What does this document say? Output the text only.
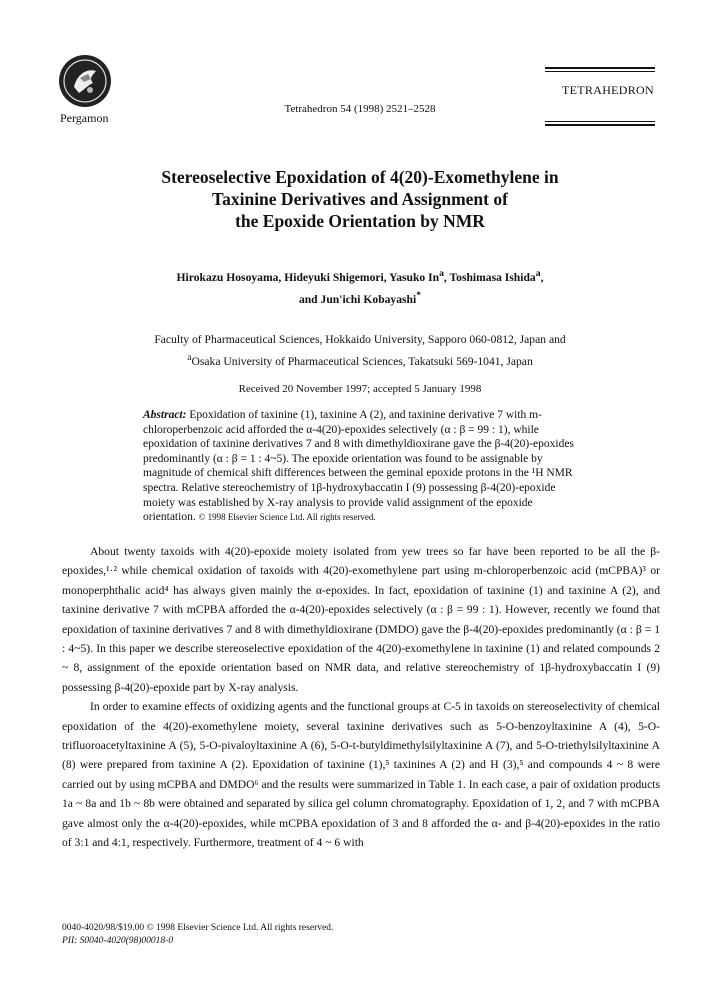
Pergamon
Tetrahedron 54 (1998) 2521–2528
TETRAHEDRON
Stereoselective Epoxidation of 4(20)-Exomethylene in
Taxinine Derivatives and Assignment of
the Epoxide Orientation by NMR
Hirokazu Hosoyama, Hideyuki Shigemori, Yasuko In$^a$, Toshimasa Ishida$^a$,
and Jun'ichi Kobayashi*
Faculty of Pharmaceutical Sciences, Hokkaido University, Sapporo 060-0812, Japan and
$^a$Osaka University of Pharmaceutical Sciences, Takatsuki 569-1041, Japan
Received 20 November 1997; accepted 5 January 1998
Abstract: Epoxidation of taxinine (1), taxinine A (2), and taxinine derivative 7 with m-chloroperbenzoic acid afforded the α-4(20)-epoxides selectively (α : β = 99 : 1), while epoxidation of taxinine derivatives 7 and 8 with dimethyldioxirane gave the β-4(20)-epoxides predominantly (α : β = 1 : 4~5). The epoxide orientation was found to be assignable by magnitude of chemical shift differences between the geminal epoxide protons in the ¹H NMR spectra. Relative stereochemistry of 1β-hydroxybaccatin I (9) possessing β-4(20)-epoxide moiety was established by X-ray analysis to provide valid assignment of the epoxide orientation. © 1998 Elsevier Science Ltd. All rights reserved.

About twenty taxoids with 4(20)-epoxide moiety isolated from yew trees so far have been reported to be all the β-epoxides,¹·² while chemical oxidation of taxoids with 4(20)-exomethylene part using m-chloroperbenzoic acid (mCPBA)³ or monoperphthalic acid⁴ has always given mainly the α-epoxides. In fact, epoxidation of taxinine (1) and taxinine A (2), and taxinine derivative 7 with mCPBA afforded the α-4(20)-epoxides selectively (α : β = 99 : 1). However, recently we found that epoxidation of taxinine derivatives 7 and 8 with dimethyldioxirane (DMDO) gave the β-4(20)-epoxides predominantly (α : β = 1 : 4~5). In this paper we describe stereoselective epoxidation of the 4(20)-exomethylene in taxinine (1) and related compounds 2 ~ 8, assignment of the epoxide orientation based on NMR data, and relative stereochemistry of 1β-hydroxybaccatin I (9) possessing β-4(20)-epoxide part by X-ray analysis.

In order to examine effects of oxidizing agents and the functional groups at C-5 in taxoids on stereoselectivity of chemical epoxidation of the 4(20)-exomethylene moiety, several taxinine derivatives such as 5-O-benzoyltaxinine A (4), 5-O-trifluoroacetyltaxinine A (5), 5-O-pivaloyltaxinine A (6), 5-O-t-butyldimethylsilyltaxinine A (7), and 5-O-triethylsilyltaxinine A (8) were prepared from taxinine A (2). Epoxidation of taxinine (1),⁵ taxinines A (2) and H (3),⁵ and compounds 4 ~ 8 were carried out by using mCPBA and DMDO⁶ and the results were summarized in Table 1. In each case, a pair of oxidation products 1a ~ 8a and 1b ~ 8b were obtained and separated by silica gel column chromatography. Epoxidation of 1, 2, and 7 with mCPBA gave almost only the α-4(20)-epoxides, while mCPBA epoxidation of 3 and 8 afforded the α- and β-4(20)-epoxides in the ratio of 3:1 and 4:1, respectively. Furthermore, treatment of 4 ~ 6 with

0040-4020/98/$19.00 © 1998 Elsevier Science Ltd. All rights reserved.
PII: S0040-4020(98)00018-0
